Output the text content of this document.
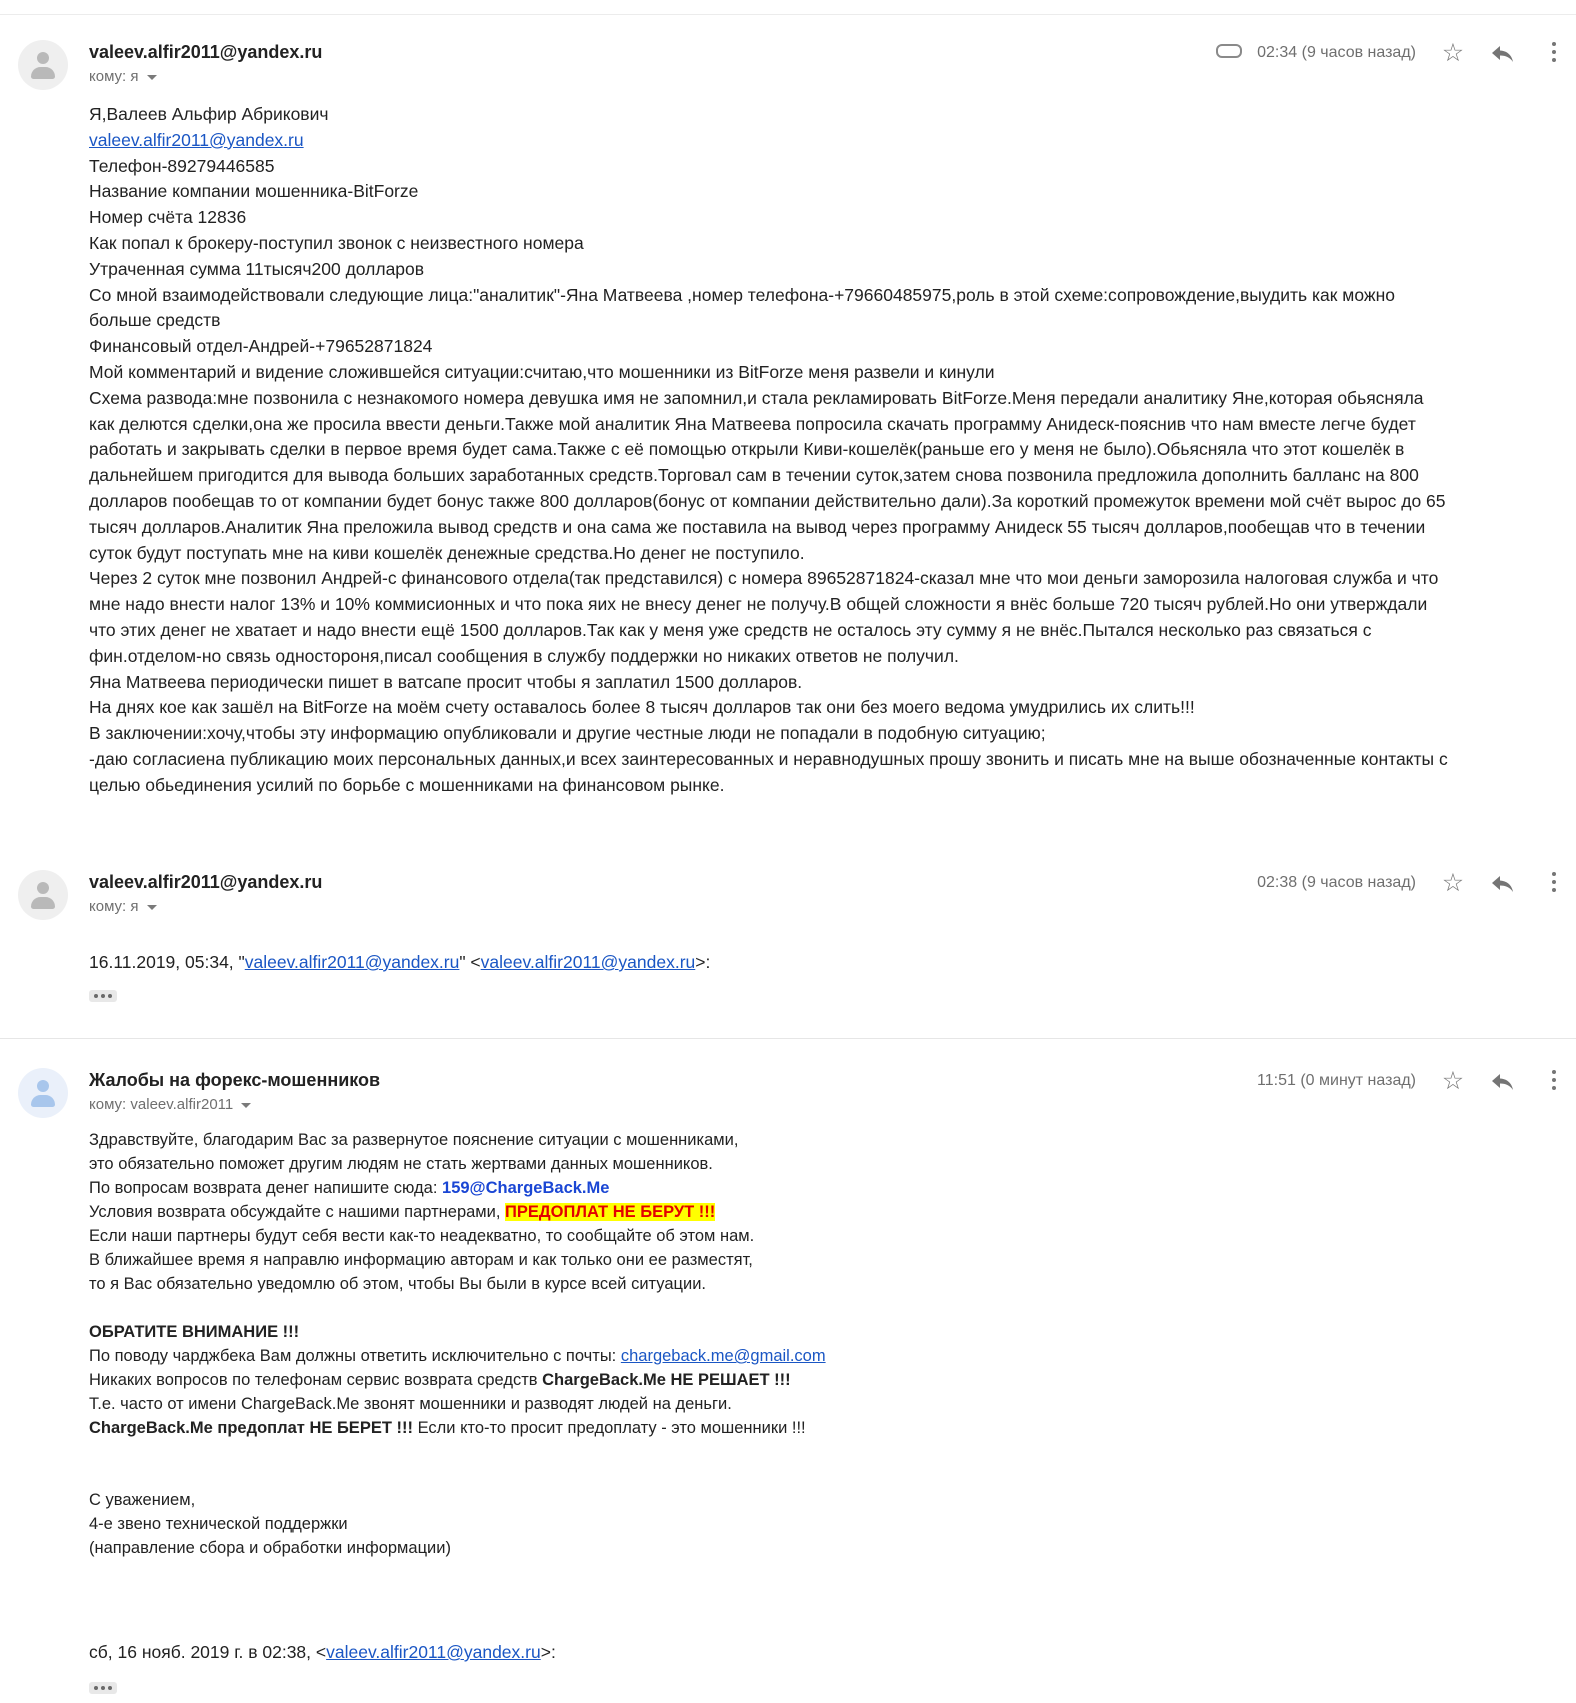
valeev.alfir2011@yandex.ru
кому: я
02:34 (9 часов назад) ☆

Я,Валеев Альфир Абрикович

valeev.alfir2011@yandex.ru

Телефон-89279446585

Название компании мошенника-BitForze

Номер счёта 12836

Как попал к брокеру-поступил звонок с неизвестного номера

Утраченная сумма 11тысяч200 долларов

Со мной взаимодействовали следующие лица:"аналитик"-Яна Матвеева ,номер телефона-+79660485975,роль в этой схеме:сопровождение,выудить как можно

больше средств

Финансовый отдел-Андрей-+79652871824

Мой комментарий и видение сложившейся ситуации:считаю,что мошенники из BitForze меня развели и кинули

Схема развода:мне позвонила с незнакомого номера девушка имя не запомнил,и стала рекламировать BitForze.Меня передали аналитику Яне,которая обьясняла

как делются сделки,она же просила ввести деньги.Также мой аналитик Яна Матвеева попросила скачать программу Анидеск-пояснив что нам вместе легче будет

работать и закрывать сделки в первое время будет сама.Также с её помощью открыли Киви-кошелёк(раньше его у меня не было).Обьясняла что этот кошелёк в

дальнейшем пригодится для вывода больших заработанных средств.Торговал сам в течении суток,затем снова позвонила предложила дополнить балланс на 800

долларов пообещав то от компании будет бонус также 800 долларов(бонус от компании действительно дали).За короткий промежуток времени мой счёт вырос до 65

тысяч долларов.Аналитик Яна преложила вывод средств и она сама же поставила на вывод через программу Анидеск 55 тысяч долларов,пообещав что в течении

суток будут поступать мне на киви кошелёк денежные средства.Но денег не поступило.

Через 2 суток мне позвонил Андрей-с финансового отдела(так представился) с номера 89652871824-сказал мне что мои деньги заморозила налоговая служба и что

мне надо внести налог 13% и 10% коммисионных и что пока яих не внесу денег не получу.В общей сложности я внёс больше 720 тысяч рублей.Но они утверждали

что этих денег не хватает и надо внести ещё 1500 долларов.Так как у меня уже средств не осталось эту сумму я не внёс.Пытался несколько раз связаться с

фин.отделом-но связь одностороня,писал сообщения в службу поддержки но никаких ответов не получил.

Яна Матвеева периодически пишет в ватсапе просит чтобы я заплатил 1500 долларов.

На днях кое как зашёл на BitForze на моём счету оставалось более 8 тысяч долларов так они без моего ведома умудрились их слить!!!

В заключении:хочу,чтобы эту информацию опубликовали и другие честные люди не попадали в подобную ситуацию;

-даю согласиена публикацию моих персональных данных,и всех заинтересованных и неравнодушных прошу звонить и писать мне на выше обозначенные контакты с

целью обьединения усилий по борьбе с мошенниками на финансовом рынке.

valeev.alfir2011@yandex.ru
кому: я
02:38 (9 часов назад) ☆

16.11.2019, 05:34, "valeev.alfir2011@yandex.ru" <valeev.alfir2011@yandex.ru>:

Жалобы на форекс-мошенников
кому: valeev.alfir2011
11:51 (0 минут назад) ☆

Здравствуйте, благодарим Вас за развернутое пояснение ситуации с мошенниками,

это обязательно поможет другим людям не стать жертвами данных мошенников.

По вопросам возврата денег напишите сюда: 159@ChargeBack.Me

Условия возврата обсуждайте с нашими партнерами, ПРЕДОПЛАТ НЕ БЕРУТ !!!

Если наши партнеры будут себя вести как-то неадекватно, то сообщайте об этом нам.

В ближайшее время я направлю информацию авторам и как только они ее разместят,

то я Вас обязательно уведомлю об этом, чтобы Вы были в курсе всей ситуации.

ОБРАТИТЕ ВНИМАНИЕ !!!

По поводу чарджбека Вам должны ответить исключительно с почты: chargeback.me@gmail.com

Никаких вопросов по телефонам сервис возврата средств ChargeBack.Me НЕ РЕШАЕТ !!!

Т.е. часто от имени ChargeBack.Me звонят мошенники и разводят людей на деньги.

ChargeBack.Me предоплат НЕ БЕРЕТ !!! Если кто-то просит предоплату - это мошенники !!!

С уважением,

4-е звено технической поддержки

(направление сбора и обработки информации)

сб, 16 нояб. 2019 г. в 02:38, <valeev.alfir2011@yandex.ru>:
